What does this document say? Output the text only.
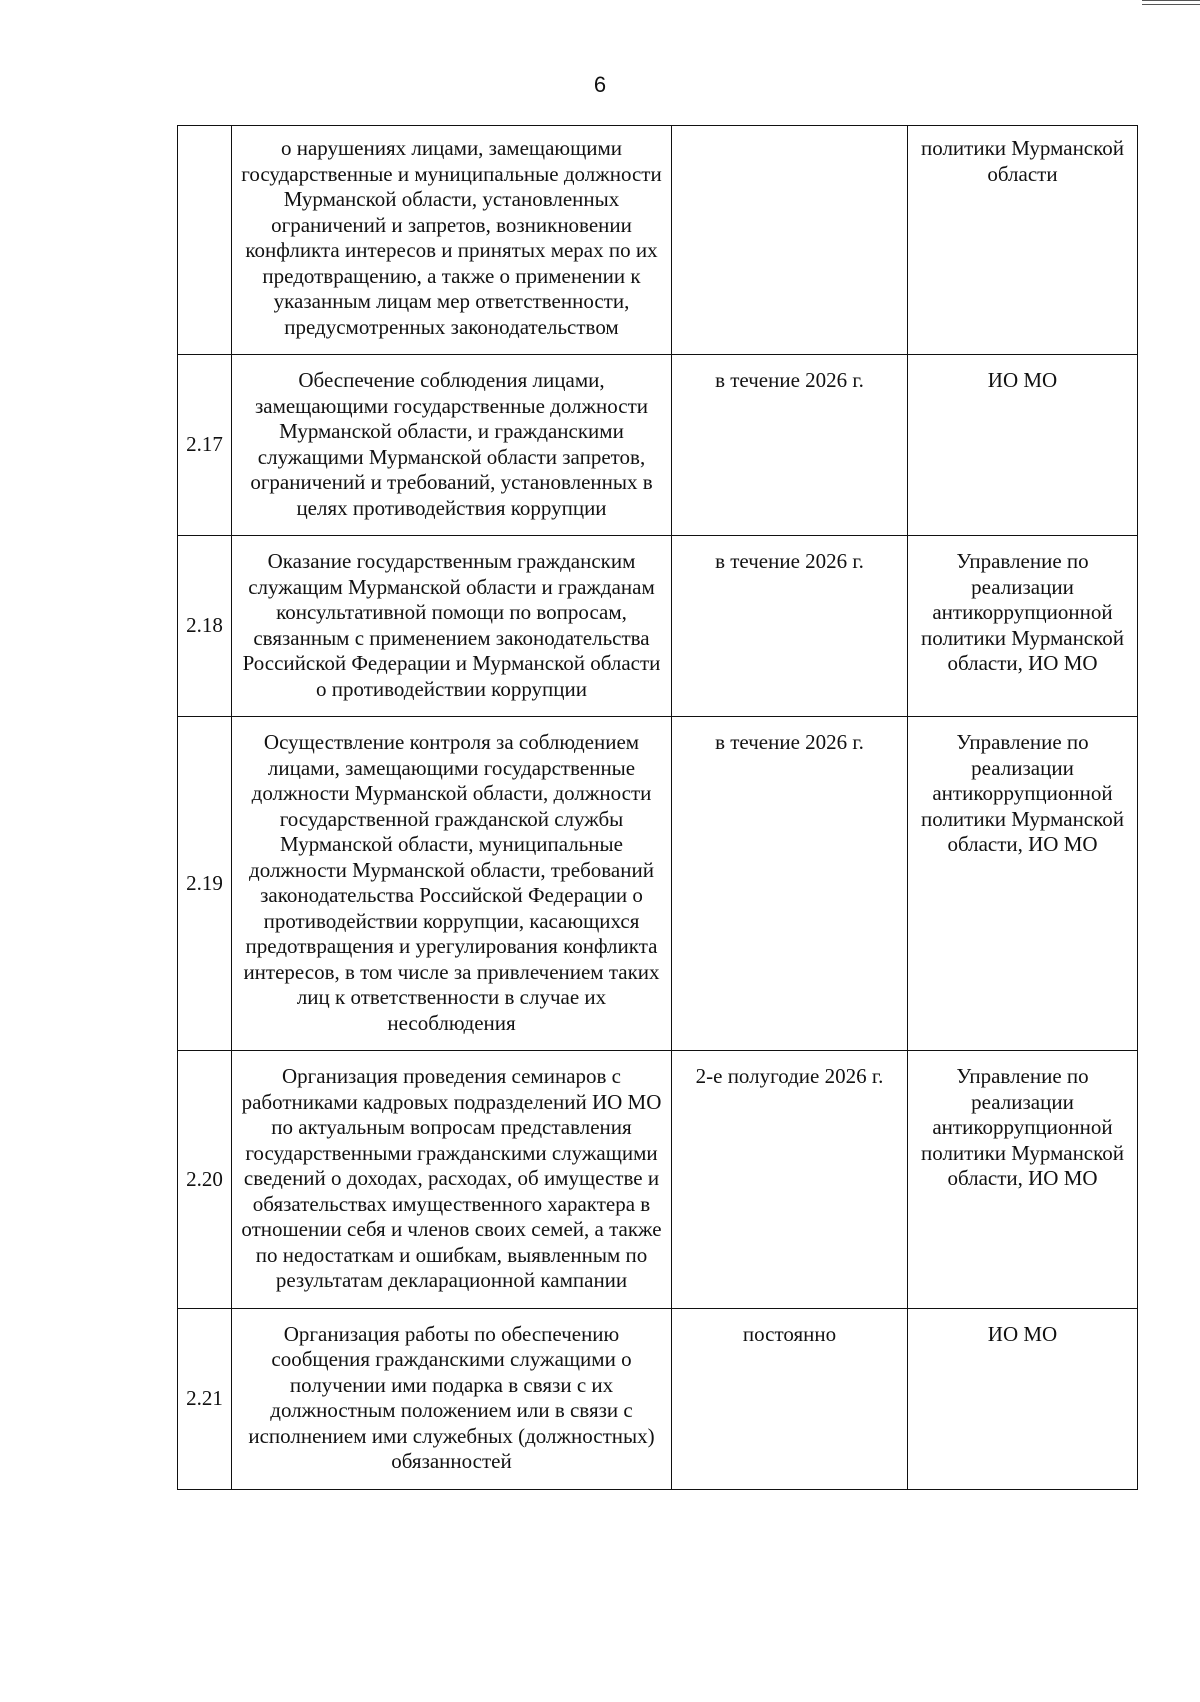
6
	о нарушениях лицами, замещающими государственные и муниципальные должности Мурманской области, установленных ограничений и запретов, возникновении конфликта интересов и принятых мерах по их предотвращению, а также о применении к указанным лицам мер ответственности, предусмотренных законодательством		политики Мурманской области
2.17	Обеспечение соблюдения лицами, замещающими государственные должности Мурманской области, и гражданскими служащими Мурманской области запретов, ограничений и требований, установленных в целях противодействия коррупции	в течение 2026 г.	ИО МО
2.18	Оказание государственным гражданским служащим Мурманской области и гражданам консультативной помощи по вопросам, связанным с применением законодательства Российской Федерации и Мурманской области о противодействии коррупции	в течение 2026 г.	Управление по реализации антикоррупционной политики Мурманской области, ИО МО
2.19	Осуществление контроля за соблюдением лицами, замещающими государственные должности Мурманской области, должности государственной гражданской службы Мурманской области, муниципальные должности Мурманской области, требований законодательства Российской Федерации о противодействии коррупции, касающихся предотвращения и урегулирования конфликта интересов, в том числе за привлечением таких лиц к ответственности в случае их несоблюдения	в течение 2026 г.	Управление по реализации антикоррупционной политики Мурманской области, ИО МО
2.20	Организация проведения семинаров с работниками кадровых подразделений ИО МО по актуальным вопросам представления государственными гражданскими служащими сведений о доходах, расходах, об имуществе и обязательствах имущественного характера в отношении себя и членов своих семей, а также по недостаткам и ошибкам, выявленным по результатам декларационной кампании	2-е полугодие 2026 г.	Управление по реализации антикоррупционной политики Мурманской области, ИО МО
2.21	Организация работы по обеспечению сообщения гражданскими служащими о получении ими подарка в связи с их должностным положением или в связи с исполнением ими служебных (должностных) обязанностей	постоянно	ИО МО
